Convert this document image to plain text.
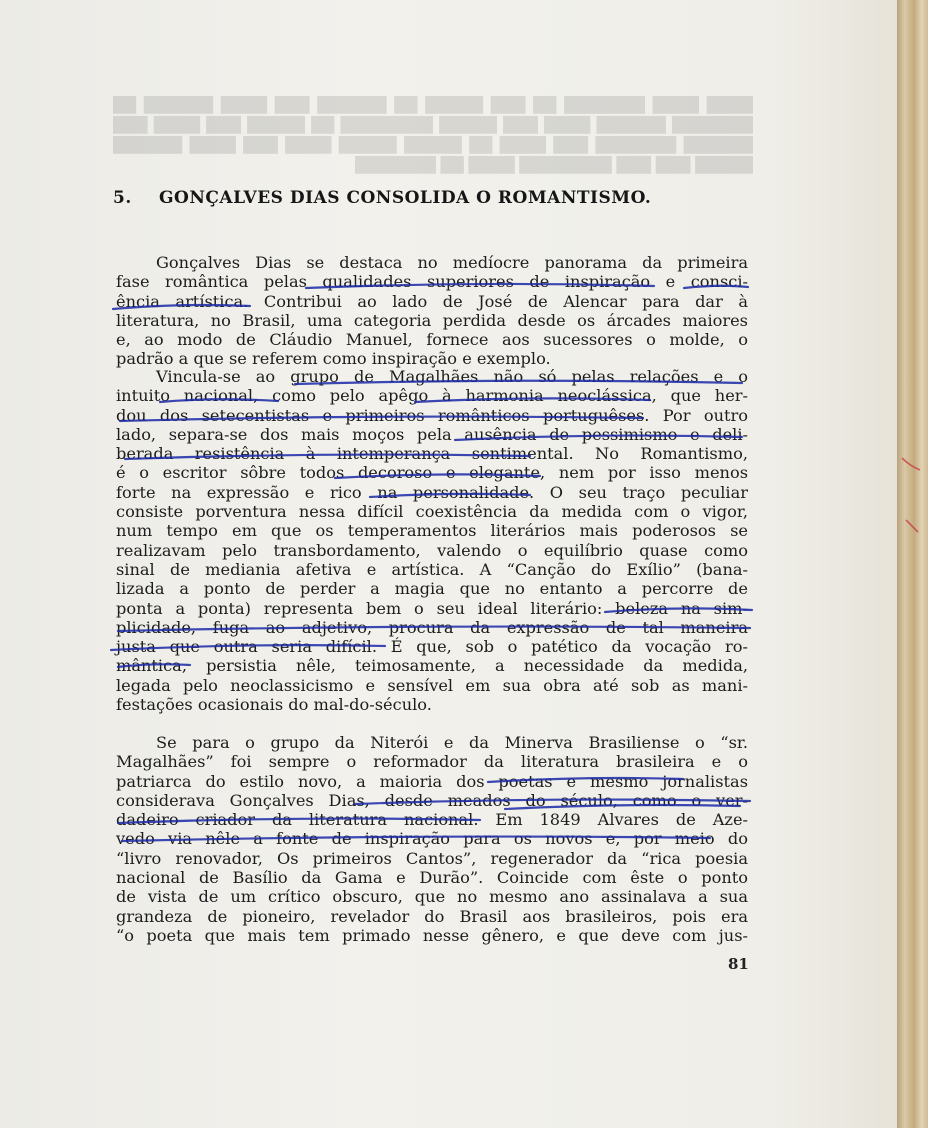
████ ████ ███████ ██ ███ █████ ██ ██████ ███ ████ ██████ ██ ███████ ██████ ████ ███ █████ ████████ ██ █████ ███ ████ ███ ██████ ███████ ███ ████ ██ █████ █████ ████ ███ ████ ██████ █████ ███ ███ ████████ ████ ██ ███████
5. GONÇALVES DIAS CONSOLIDA O ROMANTISMO.
Gonçalves Dias se destaca no medíocre panorama da primeira
fase romântica pelas qualidades superiores de inspiração e consci-
ência artística. Contribui ao lado de José de Alencar para dar à
literatura, no Brasil, uma categoria perdida desde os árcades maiores
e, ao modo de Cláudio Manuel, fornece aos sucessores o molde, o
padrão a que se referem como inspiração e exemplo.
Vincula-se ao grupo de Magalhães não só pelas relações e o
intuito nacional, como pelo apêgo à harmonia neoclássica, que her-
dou dos setecentistas e primeiros românticos portuguêses. Por outro
lado, separa-se dos mais moços pela ausência de pessimismo e deli-
berada resistência à intemperança sentimental. No Romantismo,
é o escritor sôbre todos decoroso e elegante, nem por isso menos
forte na expressão e rico na personalidade. O seu traço peculiar
consiste porventura nessa difícil coexistência da medida com o vigor,
num tempo em que os temperamentos literários mais poderosos se
realizavam pelo transbordamento, valendo o equilíbrio quase como
sinal de mediania afetiva e artística. A “Canção do Exílio” (bana-
lizada a ponto de perder a magia que no entanto a percorre de
ponta a ponta) representa bem o seu ideal literário: beleza na sim-
plicidade, fuga ao adjetivo, procura da expressão de tal maneira
justa que outra seria difícil. É que, sob o patético da vocação ro-
mântica, persistia nêle, teimosamente, a necessidade da medida,
legada pelo neoclassicismo e sensível em sua obra até sob as mani-
festações ocasionais do mal-do-século.
Se para o grupo da Niterói e da Minerva Brasiliense o “sr.
Magalhães” foi sempre o reformador da literatura brasileira e o
patriarca do estilo novo, a maioria dos poetas e mesmo jornalistas
considerava Gonçalves Dias, desde meados do século, como o ver-
dadeiro criador da literatura nacional. Em 1849 Alvares de Aze-
vedo via nêle a fonte de inspiração para os novos e, por meio do
“livro renovador, Os primeiros Cantos”, regenerador da “rica poesia
nacional de Basílio da Gama e Durão”. Coincide com êste o ponto
de vista de um crítico obscuro, que no mesmo ano assinalava a sua
grandeza de pioneiro, revelador do Brasil aos brasileiros, pois era
“o poeta que mais tem primado nesse gênero, e que deve com jus-

81
